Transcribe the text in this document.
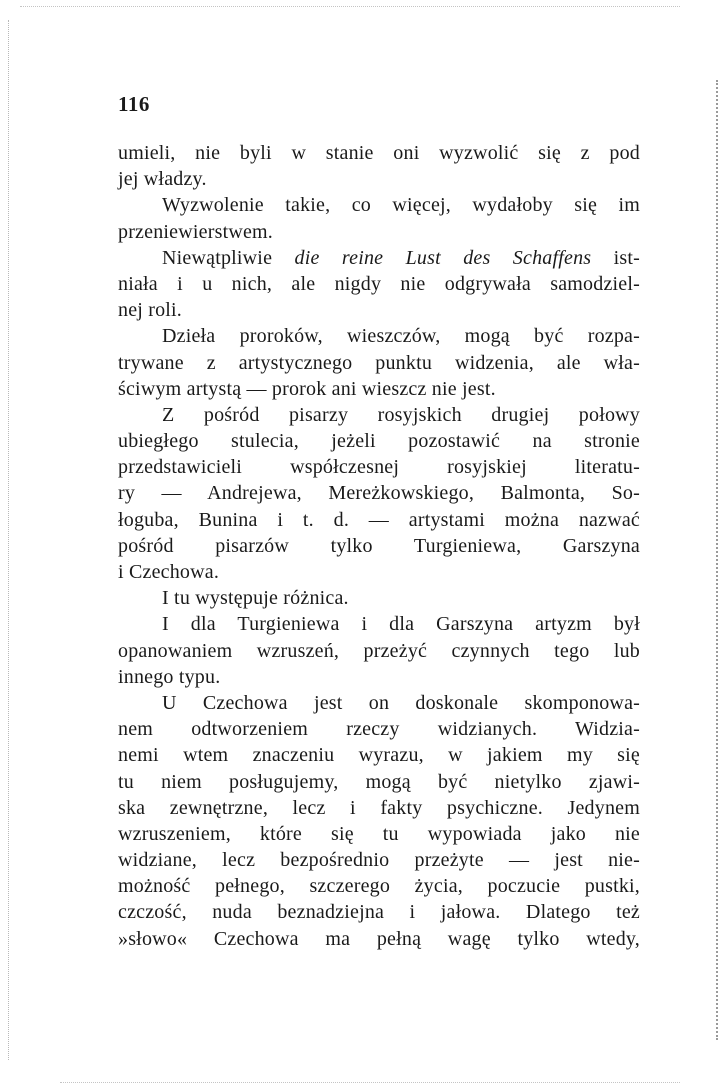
116
umieli, nie byli w stanie oni wyzwolić się z pod
jej władzy.
Wyzwolenie takie, co więcej, wydałoby się im
przeniewierstwem.
Niewątpliwie die reine Lust des Schaffens ist-
niała i u nich, ale nigdy nie odgrywała samodziel-
nej roli.
Dzieła proroków, wieszczów, mogą być rozpa-
trywane z artystycznego punktu widzenia, ale wła-
ściwym artystą — prorok ani wieszcz nie jest.
Z pośród pisarzy rosyjskich drugiej połowy
ubiegłego stulecia, jeżeli pozostawić na stronie
przedstawicieli współczesnej rosyjskiej literatu-
ry — Andrejewa, Mereżkowskiego, Balmonta, So-
łoguba, Bunina i t. d. — artystami można nazwać
pośród pisarzów tylko Turgieniewa, Garszyna
i Czechowa.
I tu występuje różnica.
I dla Turgieniewa i dla Garszyna artyzm był
opanowaniem wzruszeń, przeżyć czynnych tego lub
innego typu.
U Czechowa jest on doskonale skomponowa-
nem odtworzeniem rzeczy widzianych. Widzia-
nemi wtem znaczeniu wyrazu, w jakiem my się
tu niem posługujemy, mogą być nietylko zjawi-
ska zewnętrzne, lecz i fakty psychiczne. Jedynem
wzruszeniem, które się tu wypowiada jako nie
widziane, lecz bezpośrednio przeżyte — jest nie-
możność pełnego, szczerego życia, poczucie pustki,
czczość, nuda beznadziejna i jałowa. Dlatego też
»słowo« Czechowa ma pełną wagę tylko wtedy,
